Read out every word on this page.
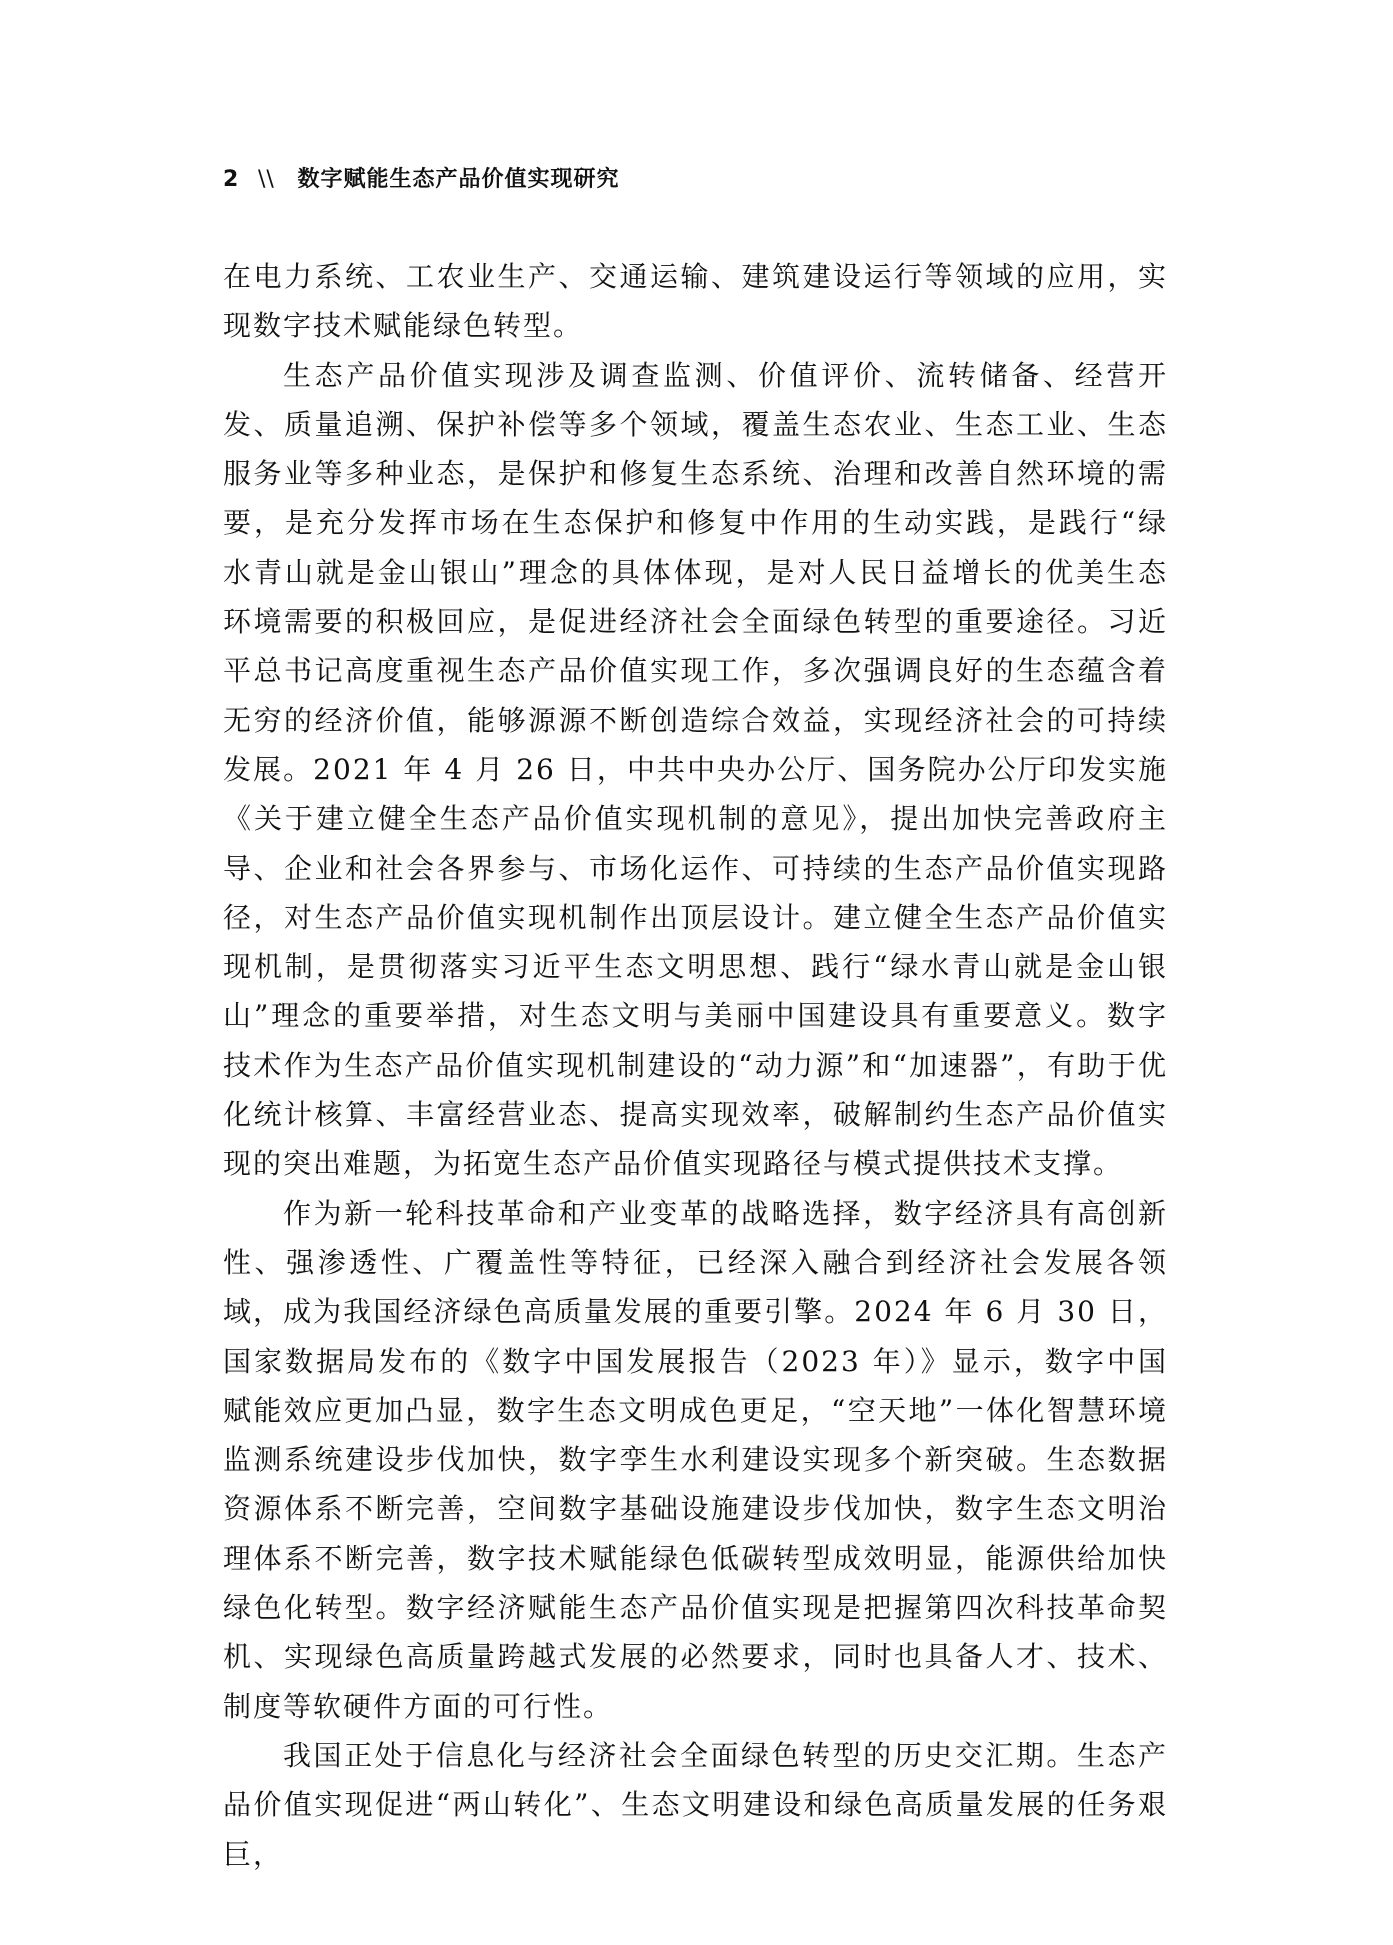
2 \\ 数字赋能生态产品价值实现研究

在电力系统、工农业生产、交通运输、建筑建设运行等领域的应用，实现数字技术赋能绿色转型。

生态产品价值实现涉及调查监测、价值评价、流转储备、经营开发、质量追溯、保护补偿等多个领域，覆盖生态农业、生态工业、生态服务业等多种业态，是保护和修复生态系统、治理和改善自然环境的需要，是充分发挥市场在生态保护和修复中作用的生动实践，是践行“绿水青山就是金山银山”理念的具体体现，是对人民日益增长的优美生态环境需要的积极回应，是促进经济社会全面绿色转型的重要途径。习近平总书记高度重视生态产品价值实现工作，多次强调良好的生态蕴含着无穷的经济价值，能够源源不断创造综合效益，实现经济社会的可持续发展。2021 年 4 月 26 日，中共中央办公厅、国务院办公厅印发实施《关于建立健全生态产品价值实现机制的意见》，提出加快完善政府主导、企业和社会各界参与、市场化运作、可持续的生态产品价值实现路径，对生态产品价值实现机制作出顶层设计。建立健全生态产品价值实现机制，是贯彻落实习近平生态文明思想、践行“绿水青山就是金山银山”理念的重要举措，对生态文明与美丽中国建设具有重要意义。数字技术作为生态产品价值实现机制建设的“动力源”和“加速器”，有助于优化统计核算、丰富经营业态、提高实现效率，破解制约生态产品价值实现的突出难题，为拓宽生态产品价值实现路径与模式提供技术支撑。

作为新一轮科技革命和产业变革的战略选择，数字经济具有高创新性、强渗透性、广覆盖性等特征，已经深入融合到经济社会发展各领域，成为我国经济绿色高质量发展的重要引擎。2024 年 6 月 30 日，国家数据局发布的《数字中国发展报告（2023 年）》显示，数字中国赋能效应更加凸显，数字生态文明成色更足，“空天地”一体化智慧环境监测系统建设步伐加快，数字孪生水利建设实现多个新突破。生态数据资源体系不断完善，空间数字基础设施建设步伐加快，数字生态文明治理体系不断完善，数字技术赋能绿色低碳转型成效明显，能源供给加快绿色化转型。数字经济赋能生态产品价值实现是把握第四次科技革命契机、实现绿色高质量跨越式发展的必然要求，同时也具备人才、技术、制度等软硬件方面的可行性。

我国正处于信息化与经济社会全面绿色转型的历史交汇期。生态产品价值实现促进“两山转化”、生态文明建设和绿色高质量发展的任务艰巨，
